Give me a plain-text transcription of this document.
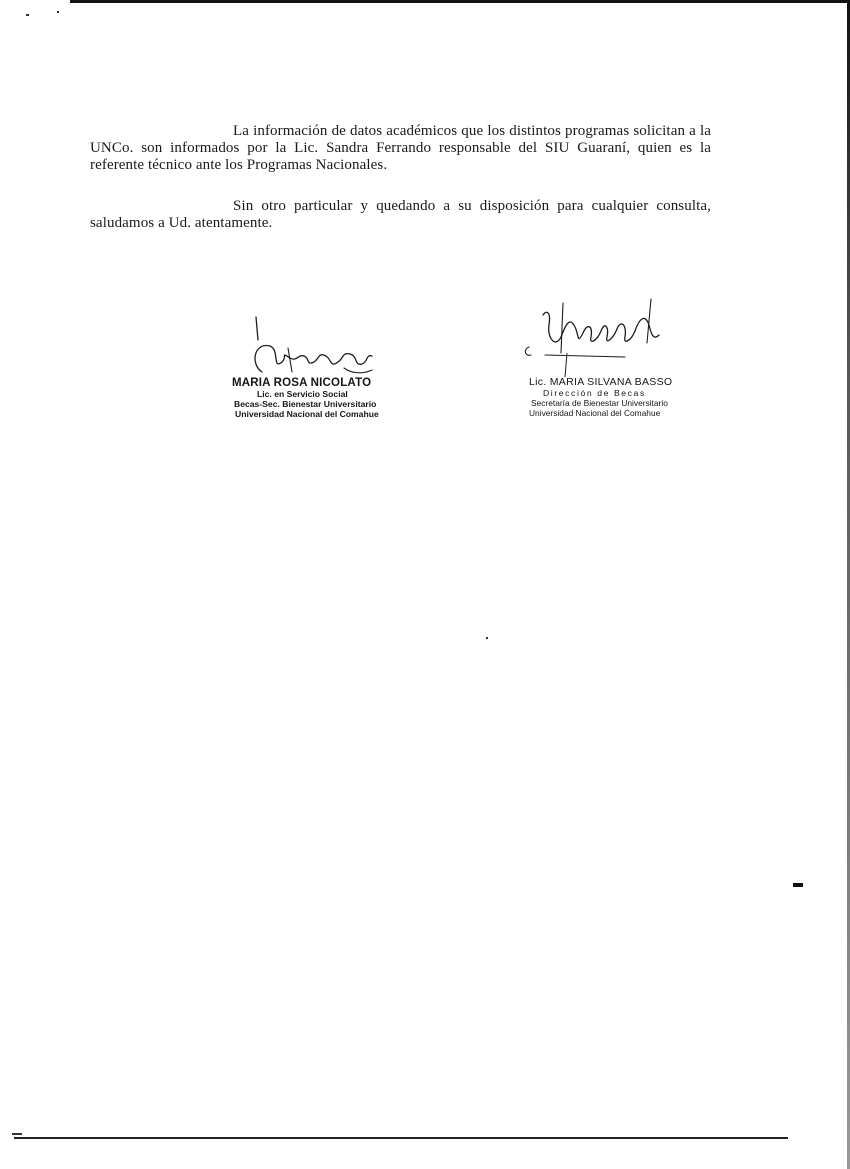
La información de datos académicos que los distintos programas solicitan a la UNCo. son informados por la Lic. Sandra Ferrando responsable del SIU Guaraní, quien es la referente técnico ante los Programas Nacionales.

Sin otro particular y quedando a su disposición para cualquier consulta, saludamos a Ud. atentamente.

MARIA ROSA NICOLATO
Lic. en Servicio Social
Becas-Sec. Bienestar Universitario
Universidad Nacional del Comahue
Lic. MARIA SILVANA BASSO
Dirección de Becas
Secretaría de Bienestar Universitario
Universidad Nacional del Comahue
